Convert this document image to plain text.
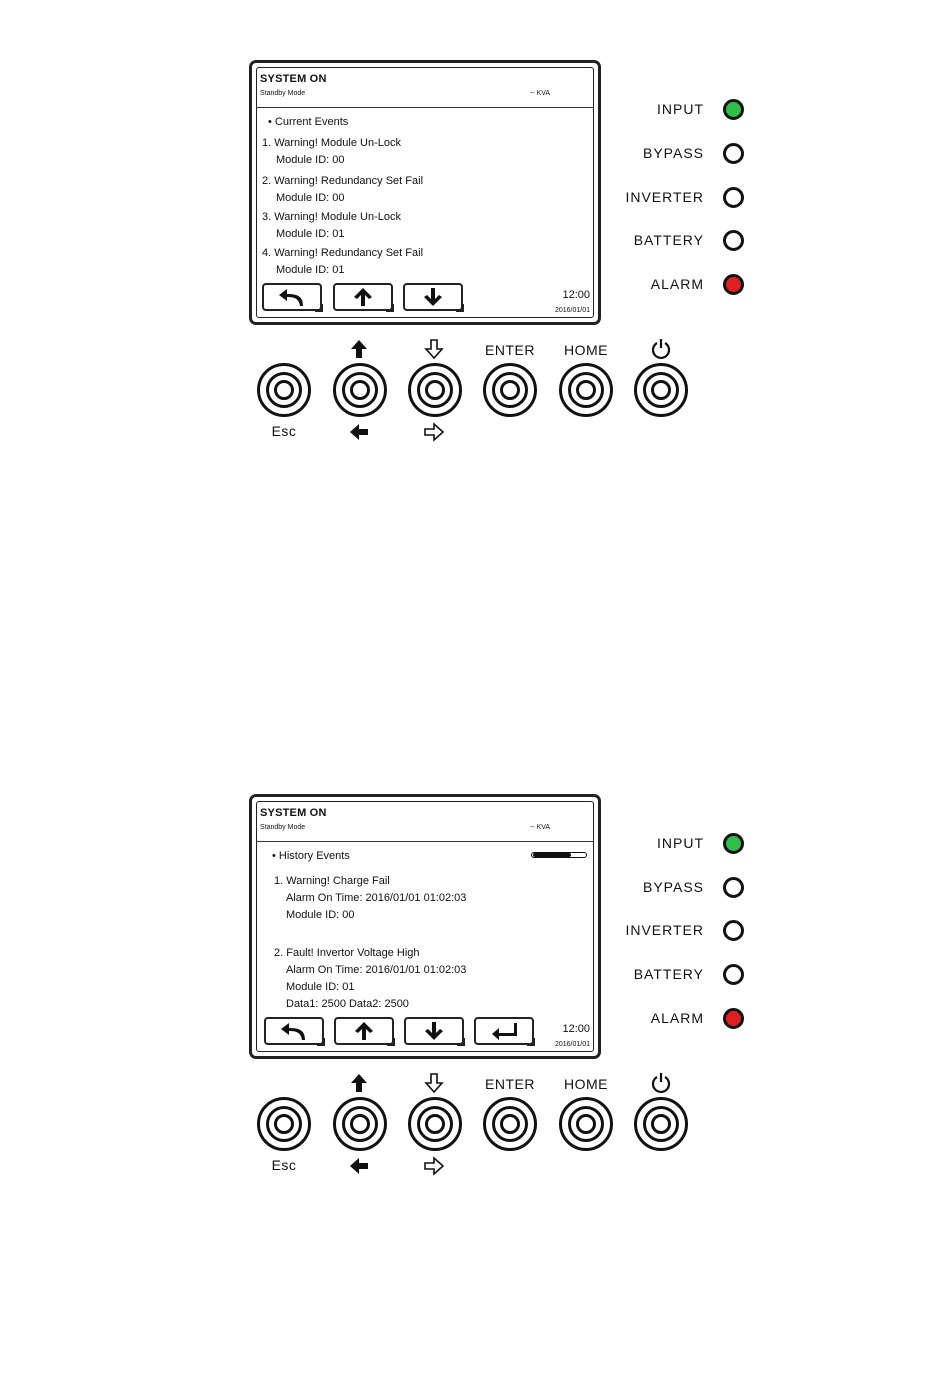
SYSTEM ON
Standby Mode	-- KVA
• Current Events
1. Warning! Module Un-Lock
Module ID: 00
2. Warning! Redundancy Set Fail
Module ID: 00
3. Warning! Module Un-Lock
Module ID: 01
4. Warning! Redundancy Set Fail
Module ID: 01
12:00
2016/01/01
INPUT
BYPASS
INVERTER
BATTERY
ALARM
ENTER	HOME
Esc
SYSTEM ON
Standby Mode	-- KVA
• History Events
1. Warning! Charge Fail
Alarm On Time: 2016/01/01 01:02:03
Module ID: 00
2. Fault! Invertor Voltage High
Alarm On Time: 2016/01/01 01:02:03
Module ID: 01
Data1: 2500 Data2: 2500
12:00
2016/01/01
INPUT
BYPASS
INVERTER
BATTERY
ALARM
ENTER	HOME
Esc
